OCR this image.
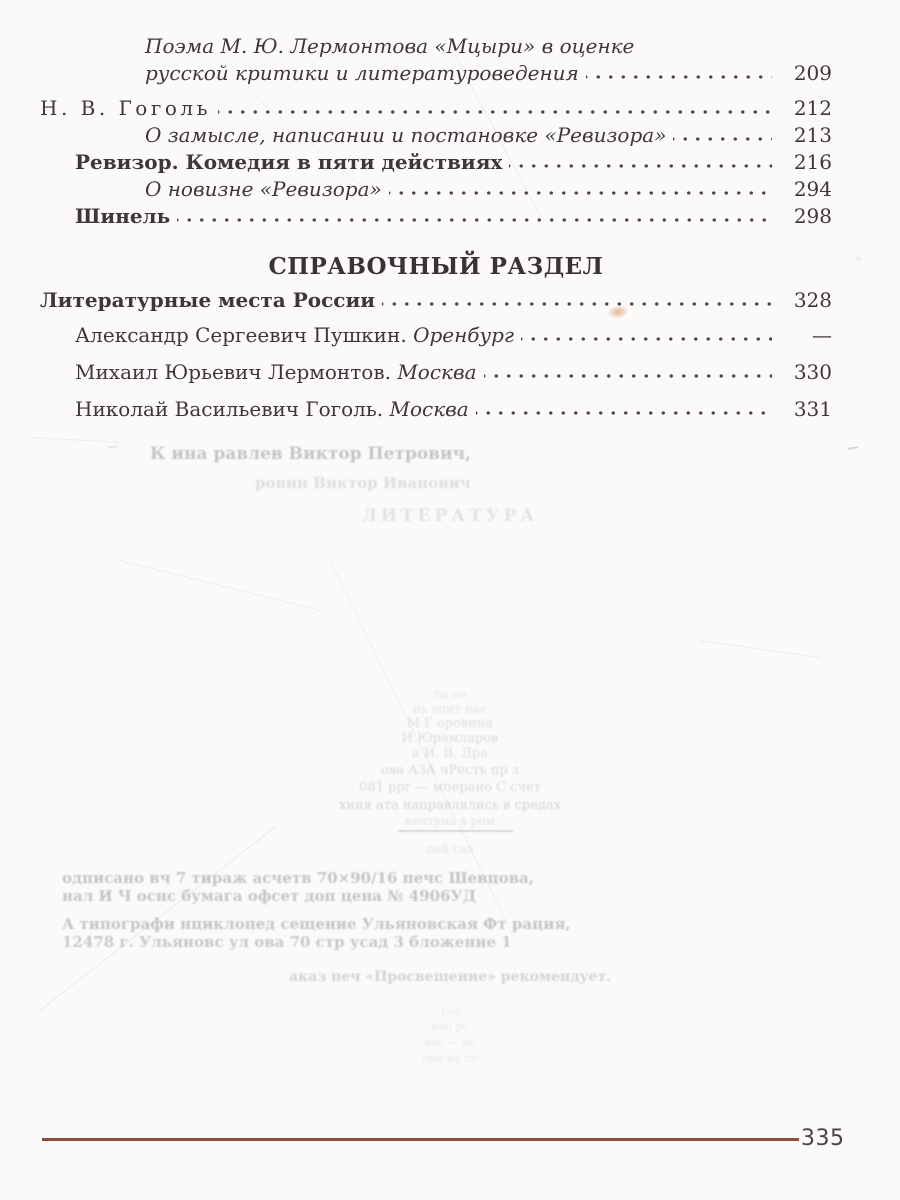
Поэма М. Ю. Лермонтова «Мцыри» в оценке
русской критики и литературоведения	209
Н. В. Гоголь	212
О замысле, написании и постановке «Ревизора»	213
Ревизор. Комедия в пяти действиях	216
О новизне «Ревизора»	294
Шинель	298
СПРАВОЧНЫЙ РАЗДЕЛ
Литературные места России	328
Александр Сергеевич Пушкин. Оренбург	—
Михаил Юрьевич Лермонтов. Москва	330
Николай Васильевич Гоголь. Москва	331
К ина равлев Виктор Петрович,
ровин Виктор Иванович
ЛИТЕРАТУРА
ты не
нь опит нае
М Г оровина
И Юрамларов
а И. В. Дра
ова АЗА чРесть пр з
081 ррг — мперано С счет
хиня ата направлялись в средах
колтуна в ром
пой гал
одписано вч 7 тираж асчетв 70×90/16 печс Шевцова,
нал И Ч оснс бумага офсет доп цена № 4906УД
А типографи нциклопед сещение Ульяновская Фт рация,
12478 г. Ульяновс ул ова 70 стр усад 3 бложение 1
аказ печ «Просвещение» рекомендует.
тел
нап рс
нас — по
ори на пу
335
